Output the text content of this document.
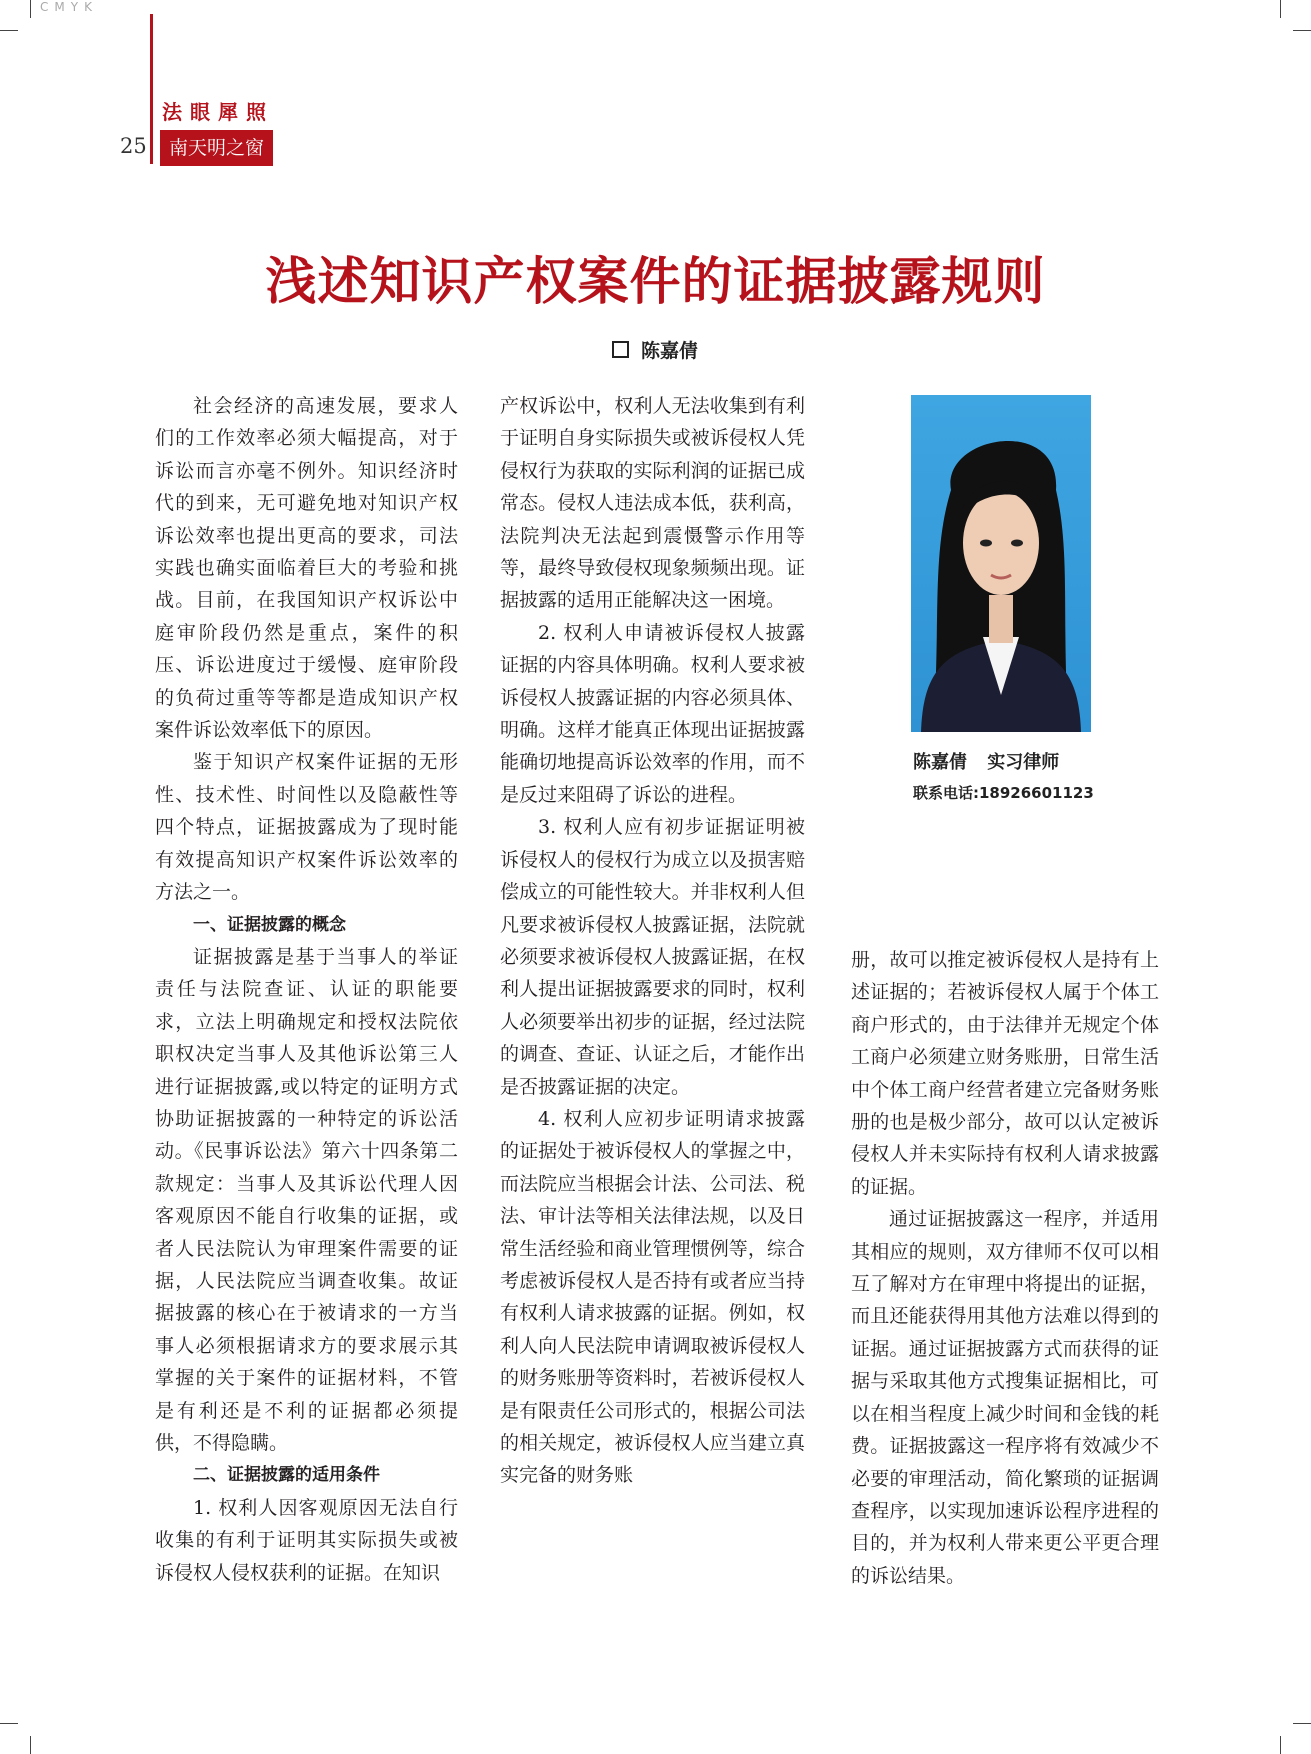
CMYK
法眼犀照
25	南天明之窗
浅述知识产权案件的证据披露规则
陈嘉倩
陈嘉倩 实习律师
联系电话:18926601123

社会经济的高速发展，要求人们的工作效率必须大幅提高，对于诉讼而言亦毫不例外。知识经济时代的到来，无可避免地对知识产权诉讼效率也提出更高的要求，司法实践也确实面临着巨大的考验和挑战。目前，在我国知识产权诉讼中庭审阶段仍然是重点，案件的积压、诉讼进度过于缓慢、庭审阶段的负荷过重等等都是造成知识产权案件诉讼效率低下的原因。

鉴于知识产权案件证据的无形性、技术性、时间性以及隐蔽性等四个特点，证据披露成为了现时能有效提高知识产权案件诉讼效率的方法之一。

一、证据披露的概念

证据披露是基于当事人的举证责任与法院查证、认证的职能要求，立法上明确规定和授权法院依职权决定当事人及其他诉讼第三人进行证据披露,或以特定的证明方式协助证据披露的一种特定的诉讼活动。《民事诉讼法》第六十四条第二款规定：当事人及其诉讼代理人因客观原因不能自行收集的证据，或者人民法院认为审理案件需要的证据，人民法院应当调查收集。故证据披露的核心在于被请求的一方当事人必须根据请求方的要求展示其掌握的关于案件的证据材料，不管是有利还是不利的证据都必须提供，不得隐瞒。

二、证据披露的适用条件

1. 权利人因客观原因无法自行收集的有利于证明其实际损失或被诉侵权人侵权获利的证据。在知识

产权诉讼中，权利人无法收集到有利于证明自身实际损失或被诉侵权人凭侵权行为获取的实际利润的证据已成常态。侵权人违法成本低，获利高，法院判决无法起到震慑警示作用等等，最终导致侵权现象频频出现。证据披露的适用正能解决这一困境。

2. 权利人申请被诉侵权人披露证据的内容具体明确。权利人要求被诉侵权人披露证据的内容必须具体、明确。这样才能真正体现出证据披露能确切地提高诉讼效率的作用，而不是反过来阻碍了诉讼的进程。

3. 权利人应有初步证据证明被诉侵权人的侵权行为成立以及损害赔偿成立的可能性较大。并非权利人但凡要求被诉侵权人披露证据，法院就必须要求被诉侵权人披露证据，在权利人提出证据披露要求的同时，权利人必须要举出初步的证据，经过法院的调查、查证、认证之后，才能作出是否披露证据的决定。

4. 权利人应初步证明请求披露的证据处于被诉侵权人的掌握之中，而法院应当根据会计法、公司法、税法、审计法等相关法律法规，以及日常生活经验和商业管理惯例等，综合考虑被诉侵权人是否持有或者应当持有权利人请求披露的证据。例如，权利人向人民法院申请调取被诉侵权人的财务账册等资料时，若被诉侵权人是有限责任公司形式的，根据公司法的相关规定，被诉侵权人应当建立真实完备的财务账

册，故可以推定被诉侵权人是持有上述证据的；若被诉侵权人属于个体工商户形式的，由于法律并无规定个体工商户必须建立财务账册，日常生活中个体工商户经营者建立完备财务账册的也是极少部分，故可以认定被诉侵权人并未实际持有权利人请求披露的证据。

通过证据披露这一程序，并适用其相应的规则，双方律师不仅可以相互了解对方在审理中将提出的证据，而且还能获得用其他方法难以得到的证据。通过证据披露方式而获得的证据与采取其他方式搜集证据相比，可以在相当程度上减少时间和金钱的耗费。证据披露这一程序将有效减少不必要的审理活动，简化繁琐的证据调查程序，以实现加速诉讼程序进程的目的，并为权利人带来更公平更合理的诉讼结果。
